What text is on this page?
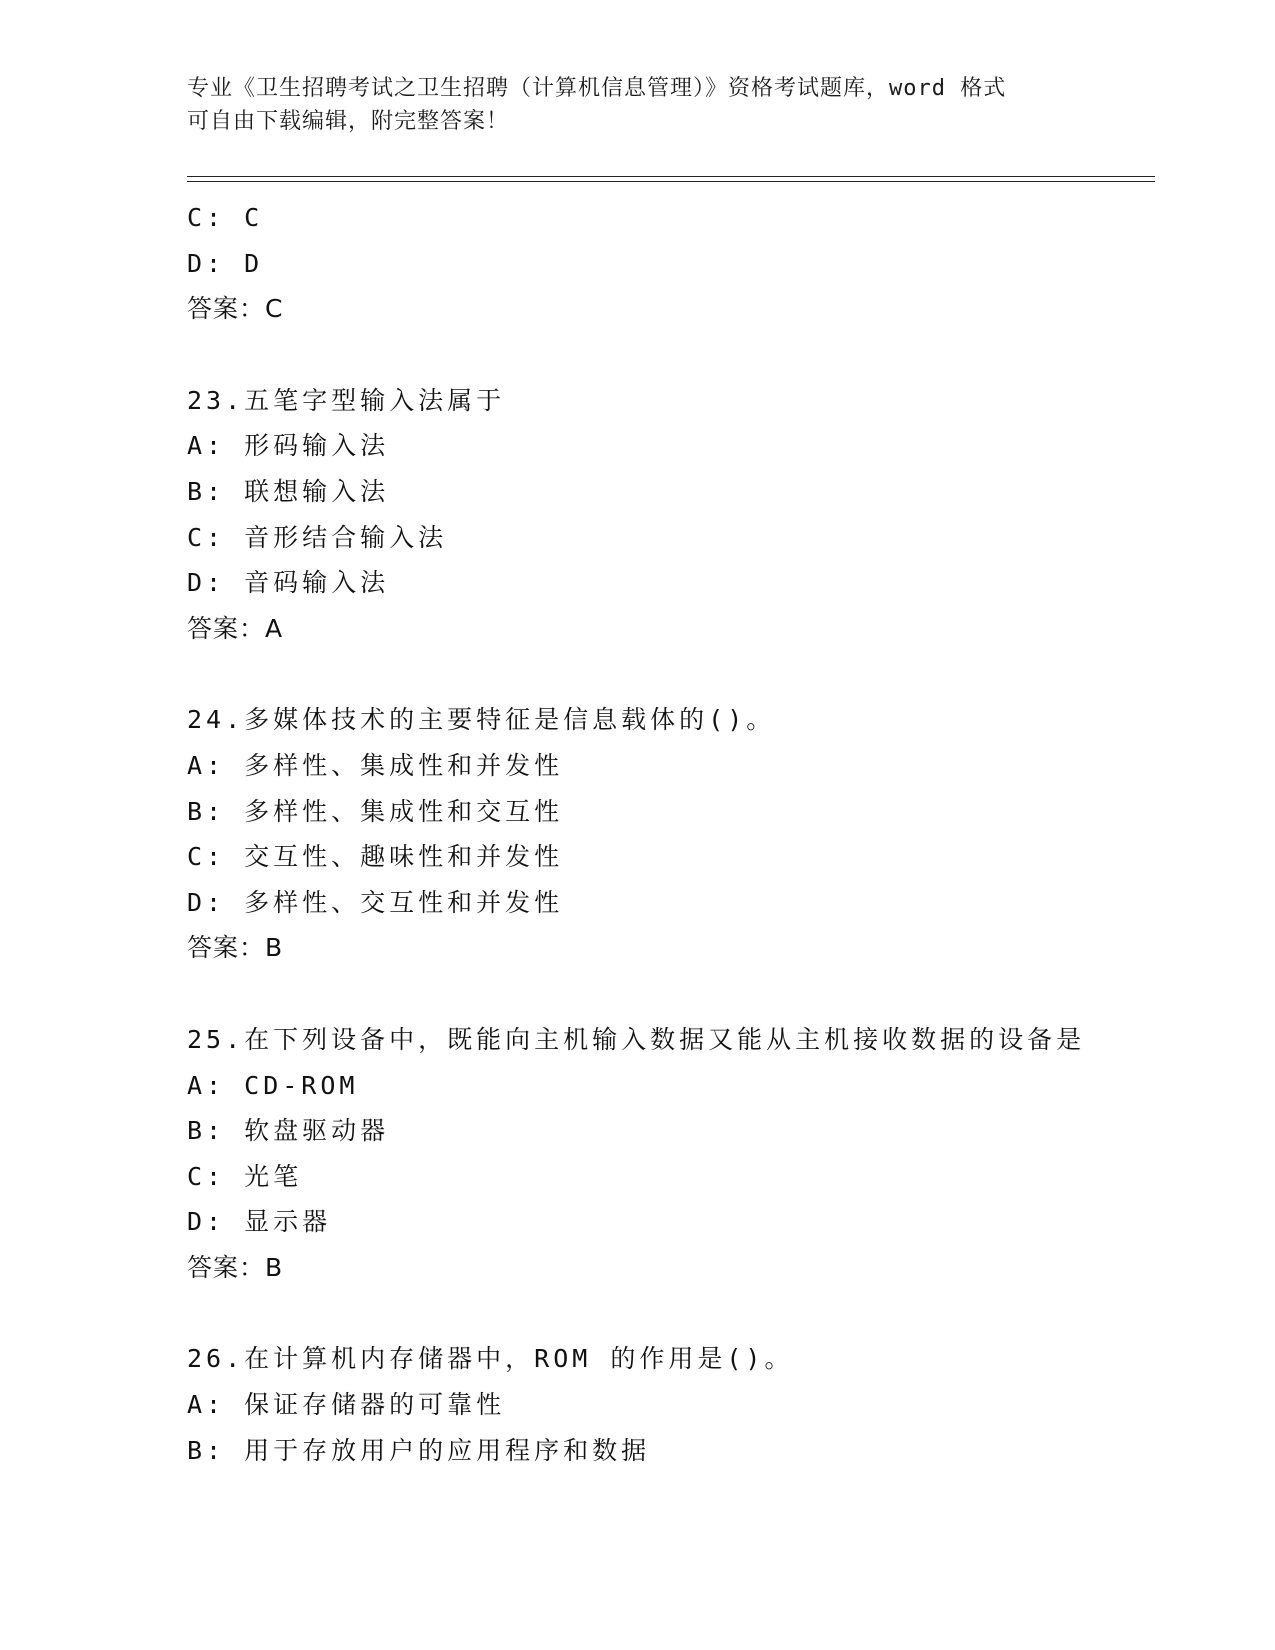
专业《卫生招聘考试之卫生招聘（计算机信息管理）》资格考试题库，word 格式
可自由下载编辑，附完整答案！
C: C
D: D
答案：C
23.五笔字型输入法属于
A: 形码输入法
B: 联想输入法
C: 音形结合输入法
D: 音码输入法
答案：A
24.多媒体技术的主要特征是信息载体的()。
A: 多样性、集成性和并发性
B: 多样性、集成性和交互性
C: 交互性、趣味性和并发性
D: 多样性、交互性和并发性
答案：B
25.在下列设备中，既能向主机输入数据又能从主机接收数据的设备是
A: CD-ROM
B: 软盘驱动器
C: 光笔
D: 显示器
答案：B
26.在计算机内存储器中，ROM 的作用是()。
A: 保证存储器的可靠性
B: 用于存放用户的应用程序和数据
